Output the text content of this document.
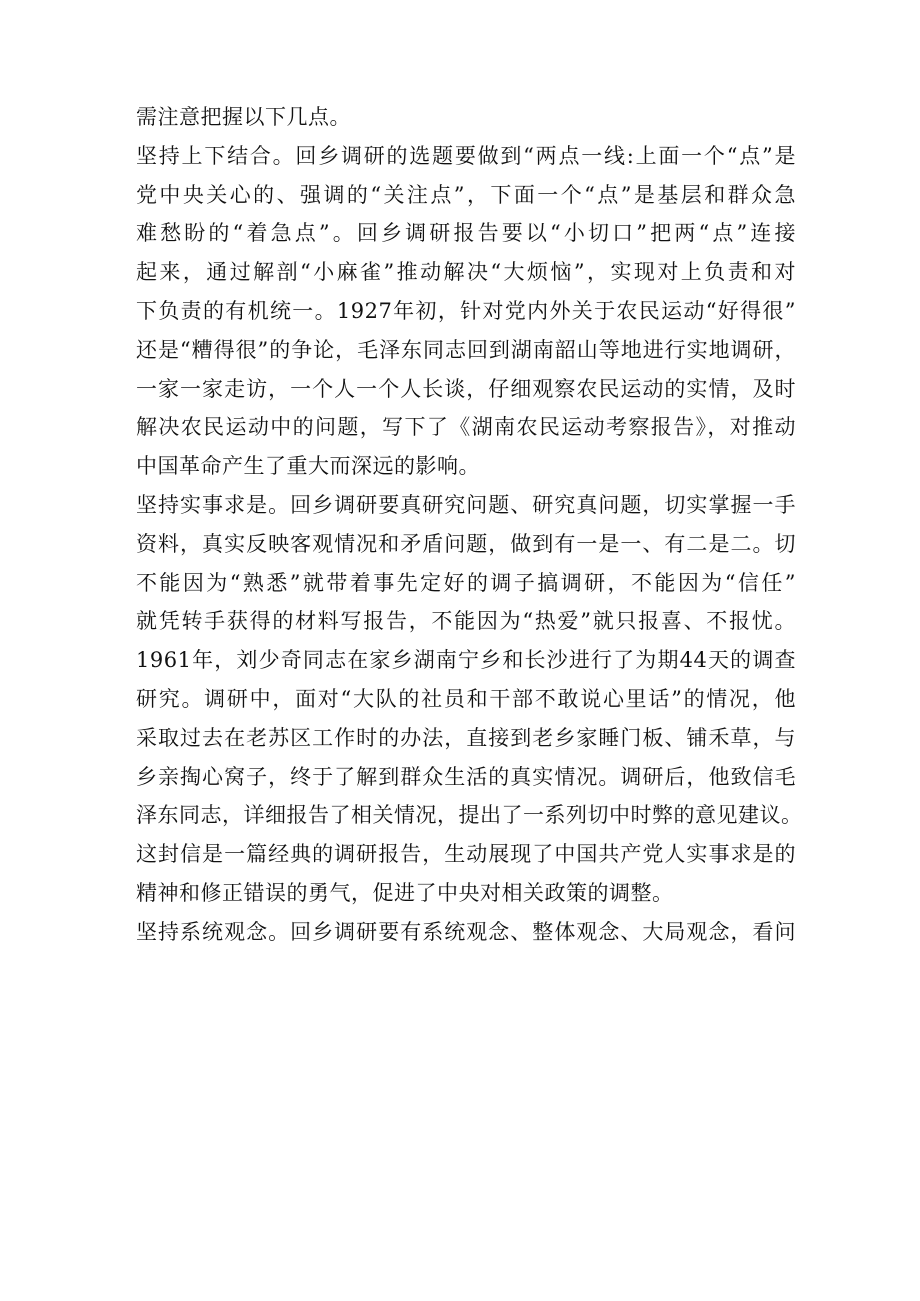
需注意把握以下几点。
坚持上下结合。回乡调研的选题要做到“两点一线:上面一个“点”是
党中央关心的、强调的“关注点”，下面一个“点”是基层和群众急
难愁盼的“着急点”。回乡调研报告要以“小切口”把两“点”连接
起来，通过解剖“小麻雀”推动解决“大烦恼”，实现对上负责和对
下负责的有机统一。1927年初，针对党内外关于农民运动“好得很”
还是“糟得很”的争论，毛泽东同志回到湖南韶山等地进行实地调研，
一家一家走访，一个人一个人长谈，仔细观察农民运动的实情，及时
解决农民运动中的问题，写下了《湖南农民运动考察报告》，对推动
中国革命产生了重大而深远的影响。
坚持实事求是。回乡调研要真研究问题、研究真问题，切实掌握一手
资料，真实反映客观情况和矛盾问题，做到有一是一、有二是二。切
不能因为“熟悉”就带着事先定好的调子搞调研，不能因为“信任”
就凭转手获得的材料写报告，不能因为“热爱”就只报喜、不报忧。
1961年，刘少奇同志在家乡湖南宁乡和长沙进行了为期44天的调查
研究。调研中，面对“大队的社员和干部不敢说心里话”的情况，他
采取过去在老苏区工作时的办法，直接到老乡家睡门板、铺禾草，与
乡亲掏心窝子，终于了解到群众生活的真实情况。调研后，他致信毛
泽东同志，详细报告了相关情况，提出了一系列切中时弊的意见建议。
这封信是一篇经典的调研报告，生动展现了中国共产党人实事求是的
精神和修正错误的勇气，促进了中央对相关政策的调整。
坚持系统观念。回乡调研要有系统观念、整体观念、大局观念，看问
